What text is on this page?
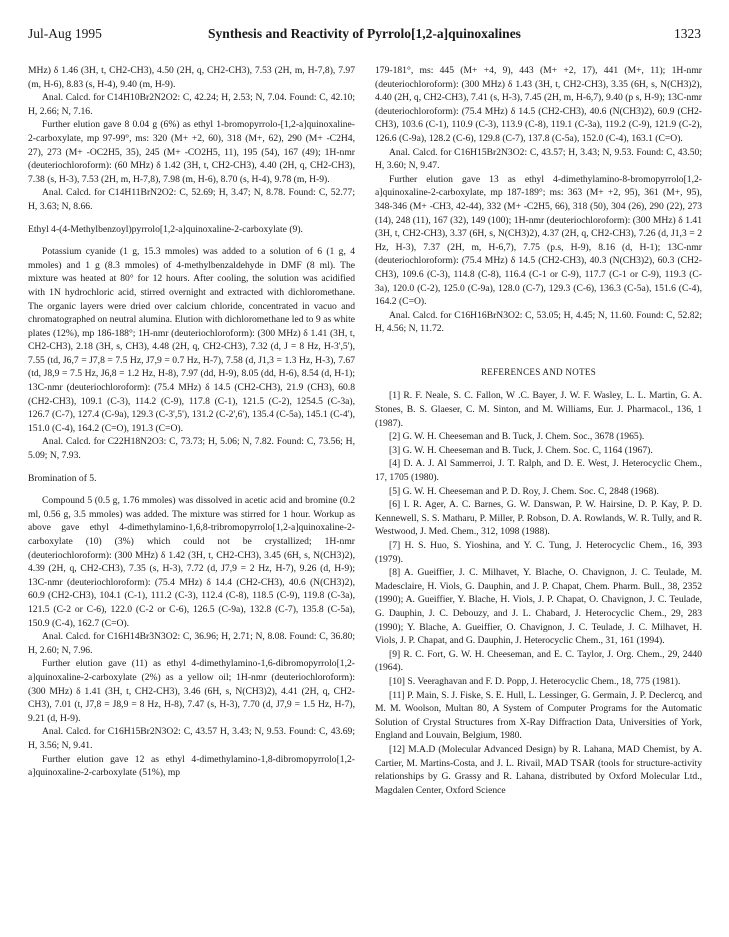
Jul-Aug 1995	Synthesis and Reactivity of Pyrrolo[1,2-a]quinoxalines	1323

MHz) δ 1.46 (3H, t, CH2-CH3), 4.50 (2H, q, CH2-CH3), 7.53 (2H, m, H-7,8), 7.97 (m, H-6), 8.83 (s, H-4), 9.40 (m, H-9).

Anal. Calcd. for C14H10Br2N2O2: C, 42.24; H, 2.53; N, 7.04. Found: C, 42.10; H, 2.66; N, 7.16.

Further elution gave 8 0.04 g (6%) as ethyl 1-bromopyrrolo-[1,2-a]quinoxaline-2-carboxylate, mp 97-99°, ms: 320 (M+ +2, 60), 318 (M+, 62), 290 (M+ -C2H4, 27), 273 (M+ -OC2H5, 35), 245 (M+ -CO2H5, 11), 195 (54), 167 (49); 1H-nmr (deuteriochloroform): (60 MHz) δ 1.42 (3H, t, CH2-CH3), 4.40 (2H, q, CH2-CH3), 7.38 (s, H-3), 7.53 (2H, m, H-7,8), 7.98 (m, H-6), 8.70 (s, H-4), 9.78 (m, H-9).

Anal. Calcd. for C14H11BrN2O2: C, 52.69; H, 3.47; N, 8.78. Found: C, 52.77; H, 3.63; N, 8.66.

Ethyl 4-(4-Methylbenzoyl)pyrrolo[1,2-a]quinoxaline-2-carboxylate (9).

Potassium cyanide (1 g, 15.3 mmoles) was added to a solution of 6 (1 g, 4 mmoles) and 1 g (8.3 mmoles) of 4-methylbenzaldehyde in DMF (8 ml). The mixture was heated at 80° for 12 hours. After cooling, the solution was acidified with 1N hydrochloric acid, stirred overnight and extracted with dichloromethane. The organic layers were dried over calcium chloride, concentrated in vacuo and chromatographed on neutral alumina. Elution with dichloromethane led to 9 as white plates (12%), mp 186-188°; 1H-nmr (deuteriochloroform): (300 MHz) δ 1.41 (3H, t, CH2-CH3), 2.18 (3H, s, CH3), 4.48 (2H, q, CH2-CH3), 7.32 (d, J = 8 Hz, H-3',5'), 7.55 (td, J6,7 = J7,8 = 7.5 Hz, J7,9 = 0.7 Hz, H-7), 7.58 (d, J1,3 = 1.3 Hz, H-3), 7.67 (td, J8,9 = 7.5 Hz, J6,8 = 1.2 Hz, H-8), 7.97 (dd, H-9), 8.05 (dd, H-6), 8.54 (d, H-1); 13C-nmr (deuteriochloroform): (75.4 MHz) δ 14.5 (CH2-CH3), 21.9 (CH3), 60.8 (CH2-CH3), 109.1 (C-3), 114.2 (C-9), 117.8 (C-1), 121.5 (C-2), 1254.5 (C-3a), 126.7 (C-7), 127.4 (C-9a), 129.3 (C-3',5'), 131.2 (C-2',6'), 135.4 (C-5a), 145.1 (C-4'), 151.0 (C-4), 164.2 (C=O), 191.3 (C=O).

Anal. Calcd. for C22H18N2O3: C, 73.73; H, 5.06; N, 7.82. Found: C, 73.56; H, 5.09; N, 7.93.

Bromination of 5.

Compound 5 (0.5 g, 1.76 mmoles) was dissolved in acetic acid and bromine (0.2 ml, 0.56 g, 3.5 mmoles) was added. The mixture was stirred for 1 hour. Workup as above gave ethyl 4-dimethylamino-1,6,8-tribromopyrrolo[1,2-a]quinoxaline-2-carboxylate (10) (3%) which could not be crystallized; 1H-nmr (deuteriochloroform): (300 MHz) δ 1.42 (3H, t, CH2-CH3), 3.45 (6H, s, N(CH3)2), 4.39 (2H, q, CH2-CH3), 7.35 (s, H-3), 7.72 (d, J7,9 = 2 Hz, H-7), 9.26 (d, H-9); 13C-nmr (deuteriochloroform): (75.4 MHz) δ 14.4 (CH2-CH3), 40.6 (N(CH3)2), 60.9 (CH2-CH3), 104.1 (C-1), 111.2 (C-3), 112.4 (C-8), 118.5 (C-9), 119.8 (C-3a), 121.5 (C-2 or C-6), 122.0 (C-2 or C-6), 126.5 (C-9a), 132.8 (C-7), 135.8 (C-5a), 150.9 (C-4), 162.7 (C=O).

Anal. Calcd. for C16H14Br3N3O2: C, 36.96; H, 2.71; N, 8.08. Found: C, 36.80; H, 2.60; N, 7.96.

Further elution gave (11) as ethyl 4-dimethylamino-1,6-dibromopyrrolo[1,2-a]quinoxaline-2-carboxylate (2%) as a yellow oil; 1H-nmr (deuteriochloroform): (300 MHz) δ 1.41 (3H, t, CH2-CH3), 3.46 (6H, s, N(CH3)2), 4.41 (2H, q, CH2-CH3), 7.01 (t, J7,8 = J8,9 = 8 Hz, H-8), 7.47 (s, H-3), 7.70 (d, J7,9 = 1.5 Hz, H-7), 9.21 (d, H-9).

Anal. Calcd. for C16H15Br2N3O2: C, 43.57 H, 3.43; N, 9.53. Found: C, 43.69; H, 3.56; N, 9.41.

Further elution gave 12 as ethyl 4-dimethylamino-1,8-dibromopyrrolo[1,2-a]quinoxaline-2-carboxylate (51%), mp

179-181°, ms: 445 (M+ +4, 9), 443 (M+ +2, 17), 441 (M+, 11); 1H-nmr (deuteriochloroform): (300 MHz) δ 1.43 (3H, t, CH2-CH3), 3.35 (6H, s, N(CH3)2), 4.40 (2H, q, CH2-CH3), 7.41 (s, H-3), 7.45 (2H, m, H-6,7), 9.40 (p s, H-9); 13C-nmr (deuteriochloroform): (75.4 MHz) δ 14.5 (CH2-CH3), 40.6 (N(CH3)2), 60.9 (CH2-CH3), 103.6 (C-1), 110.9 (C-3), 113.9 (C-8), 119.1 (C-3a), 119.2 (C-9), 121.9 (C-2), 126.6 (C-9a), 128.2 (C-6), 129.8 (C-7), 137.8 (C-5a), 152.0 (C-4), 163.1 (C=O).

Anal. Calcd. for C16H15Br2N3O2: C, 43.57; H, 3.43; N, 9.53. Found: C, 43.50; H, 3.60; N, 9.47.

Further elution gave 13 as ethyl 4-dimethylamino-8-bromopyrrolo[1,2-a]quinoxaline-2-carboxylate, mp 187-189°; ms: 363 (M+ +2, 95), 361 (M+, 95), 348-346 (M+ -CH3, 42-44), 332 (M+ -C2H5, 66), 318 (50), 304 (26), 290 (22), 273 (14), 248 (11), 167 (32), 149 (100); 1H-nmr (deuteriochloroform): (300 MHz) δ 1.41 (3H, t, CH2-CH3), 3.37 (6H, s, N(CH3)2), 4.37 (2H, q, CH2-CH3), 7.26 (d, J1,3 = 2 Hz, H-3), 7.37 (2H, m, H-6,7), 7.75 (p.s, H-9), 8.16 (d, H-1); 13C-nmr (deuteriochloroform): (75.4 MHz) δ 14.5 (CH2-CH3), 40.3 (N(CH3)2), 60.3 (CH2-CH3), 109.6 (C-3), 114.8 (C-8), 116.4 (C-1 or C-9), 117.7 (C-1 or C-9), 119.3 (C-3a), 120.0 (C-2), 125.0 (C-9a), 128.0 (C-7), 129.3 (C-6), 136.3 (C-5a), 151.6 (C-4), 164.2 (C=O).

Anal. Calcd. for C16H16BrN3O2: C, 53.05; H, 4.45; N, 11.60. Found: C, 52.82; H, 4.56; N, 11.72.

REFERENCES AND NOTES

[1] R. F. Neale, S. C. Fallon, W .C. Bayer, J. W. F. Wasley, L. L. Martin, G. A. Stones, B. S. Glaeser, C. M. Sinton, and M. Williams, Eur. J. Pharmacol., 136, 1 (1987).

[2] G. W. H. Cheeseman and B. Tuck, J. Chem. Soc., 3678 (1965).

[3] G. W. H. Cheeseman and B. Tuck, J. Chem. Soc. C, 1164 (1967).

[4] D. A. J. Al Sammerroi, J. T. Ralph, and D. E. West, J. Heterocyclic Chem., 17, 1705 (1980).

[5] G. W. H. Cheeseman and P. D. Roy, J. Chem. Soc. C, 2848 (1968).

[6] I. R. Ager, A. C. Barnes, G. W. Danswan, P. W. Hairsine, D. P. Kay, P. D. Kennewell, S. S. Matharu, P. Miller, P. Robson, D. A. Rowlands, W. R. Tully, and R. Westwood, J. Med. Chem., 312, 1098 (1988).

[7] H. S. Huo, S. Yioshina, and Y. C. Tung, J. Heterocyclic Chem., 16, 393 (1979).

[8] A. Gueiffier, J. C. Milhavet, Y. Blache, O. Chavignon, J. C. Teulade, M. Madesclaire, H. Viols, G. Dauphin, and J. P. Chapat, Chem. Pharm. Bull., 38, 2352 (1990); A. Gueiffier, Y. Blache, H. Viols, J. P. Chapat, O. Chavignon, J. C. Teulade, G. Dauphin, J. C. Debouzy, and J. L. Chabard, J. Heterocyclic Chem., 29, 283 (1990); Y. Blache, A. Gueiffier, O. Chavignon, J. C. Teulade, J. C. Milhavet, H. Viols, J. P. Chapat, and G. Dauphin, J. Heterocyclic Chem., 31, 161 (1994).

[9] R. C. Fort, G. W. H. Cheeseman, and E. C. Taylor, J. Org. Chem., 29, 2440 (1964).

[10] S. Veeraghavan and F. D. Popp, J. Heterocyclic Chem., 18, 775 (1981).

[11] P. Main, S. J. Fiske, S. E. Hull, L. Lessinger, G. Germain, J. P. Declercq, and M. M. Woolson, Multan 80, A System of Computer Programs for the Automatic Solution of Crystal Structures from X-Ray Diffraction Data, Universities of York, England and Louvain, Belgium, 1980.

[12] M.A.D (Molecular Advanced Design) by R. Lahana, MAD Chemist, by A. Cartier, M. Martins-Costa, and J. L. Rivail, MAD TSAR (tools for structure-activity relationships by G. Grassy and R. Lahana, distributed by Oxford Molecular Ltd., Magdalen Center, Oxford Science
